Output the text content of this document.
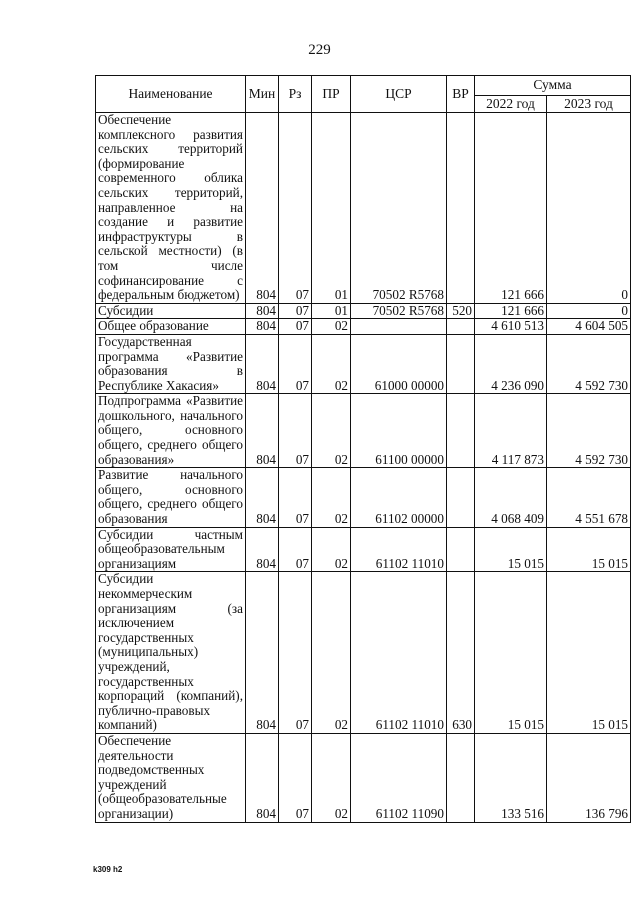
229
Наименование	Мин	Рз	ПР	ЦСР	ВР	Сумма	
						2022 год	2023 год
Обеспечение комплексного развития сельских территорий (формирование современного облика сельских территорий, направленное на создание и развитие инфраструктуры в сельской местности) (в том числе софинансирование с федеральным бюджетом)	804	07	01	70502 R5768		121 666	0
Субсидии	804	07	01	70502 R5768	520	121 666	0
Общее образование	804	07	02			4 610 513	4 604 505
Государственная программа «Развитие образования в Республике Хакасия»	804	07	02	61000 00000		4 236 090	4 592 730
Подпрограмма «Развитие дошкольного, начального общего, основного общего, среднего общего образования»	804	07	02	61100 00000		4 117 873	4 592 730
Развитие начального общего, основного общего, среднего общего образования	804	07	02	61102 00000		4 068 409	4 551 678
Субсидии частным общеобразовательным организациям	804	07	02	61102 11010		15 015	15 015
Субсидии некоммерческим организациям (за исключением государственных (муниципальных) учреждений, государственных корпораций (компаний), публично-правовых компаний)	804	07	02	61102 11010	630	15 015	15 015
Обеспечение деятельности подведомственных учреждений (общеобразовательные организации)	804	07	02	61102 11090		133 516	136 796
k309 h2
